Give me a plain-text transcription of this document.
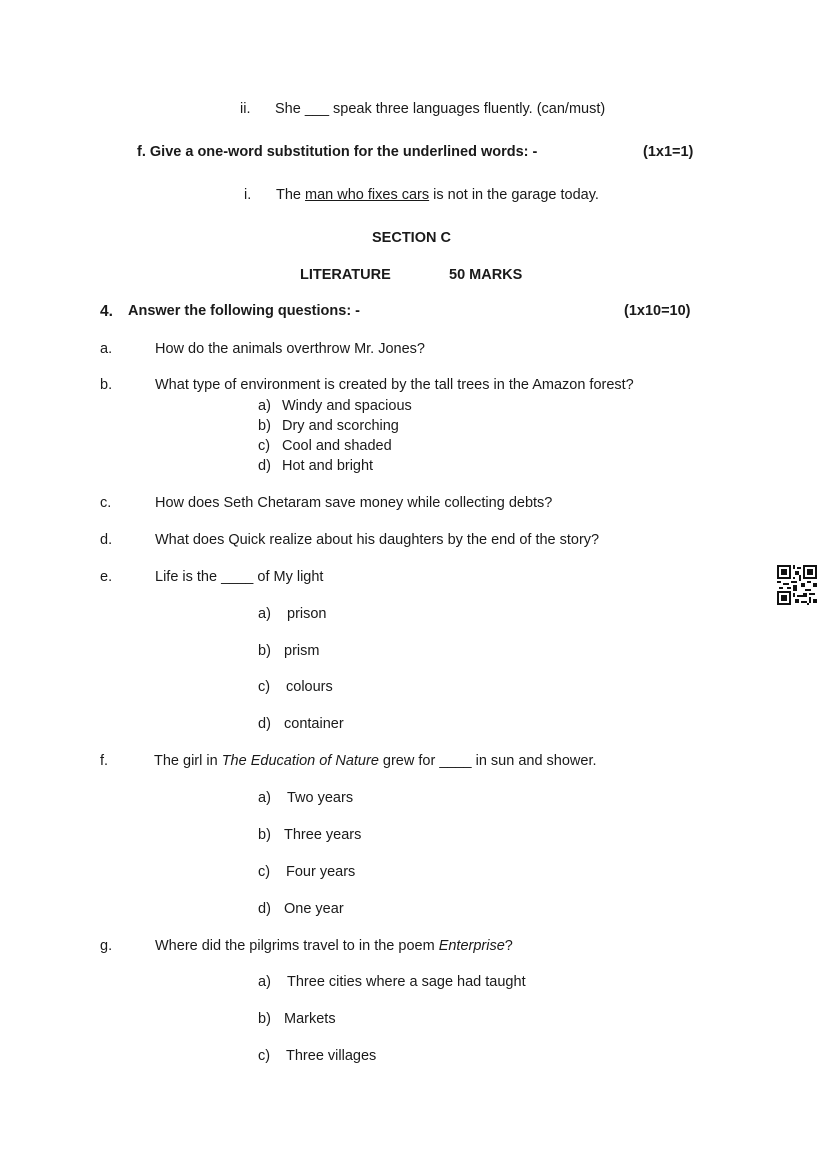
ii. She ___ speak three languages fluently. (can/must)
f. Give a one-word substitution for the underlined words: -	(1x1=1)
i. The man who fixes cars is not in the garage today.
SECTION C
LITERATURE	50 MARKS
4. Answer the following questions: -	(1x10=10)
a.	How do the animals overthrow Mr. Jones?
b.	What type of environment is created by the tall trees in the Amazon forest?
a) Windy and spacious
b) Dry and scorching
c) Cool and shaded
d) Hot and bright
c.	How does Seth Chetaram save money while collecting debts?
d.	What does Quick realize about his daughters by the end of the story?
e.	Life is the ____ of My light
a) prison
b) prism
c) colours
d) container
f.	The girl in The Education of Nature grew for ____ in sun and shower.
a) Two years
b) Three years
c) Four years
d) One year
g.	Where did the pilgrims travel to in the poem Enterprise?
a) Three cities where a sage had taught
b) Markets
c) Three villages
